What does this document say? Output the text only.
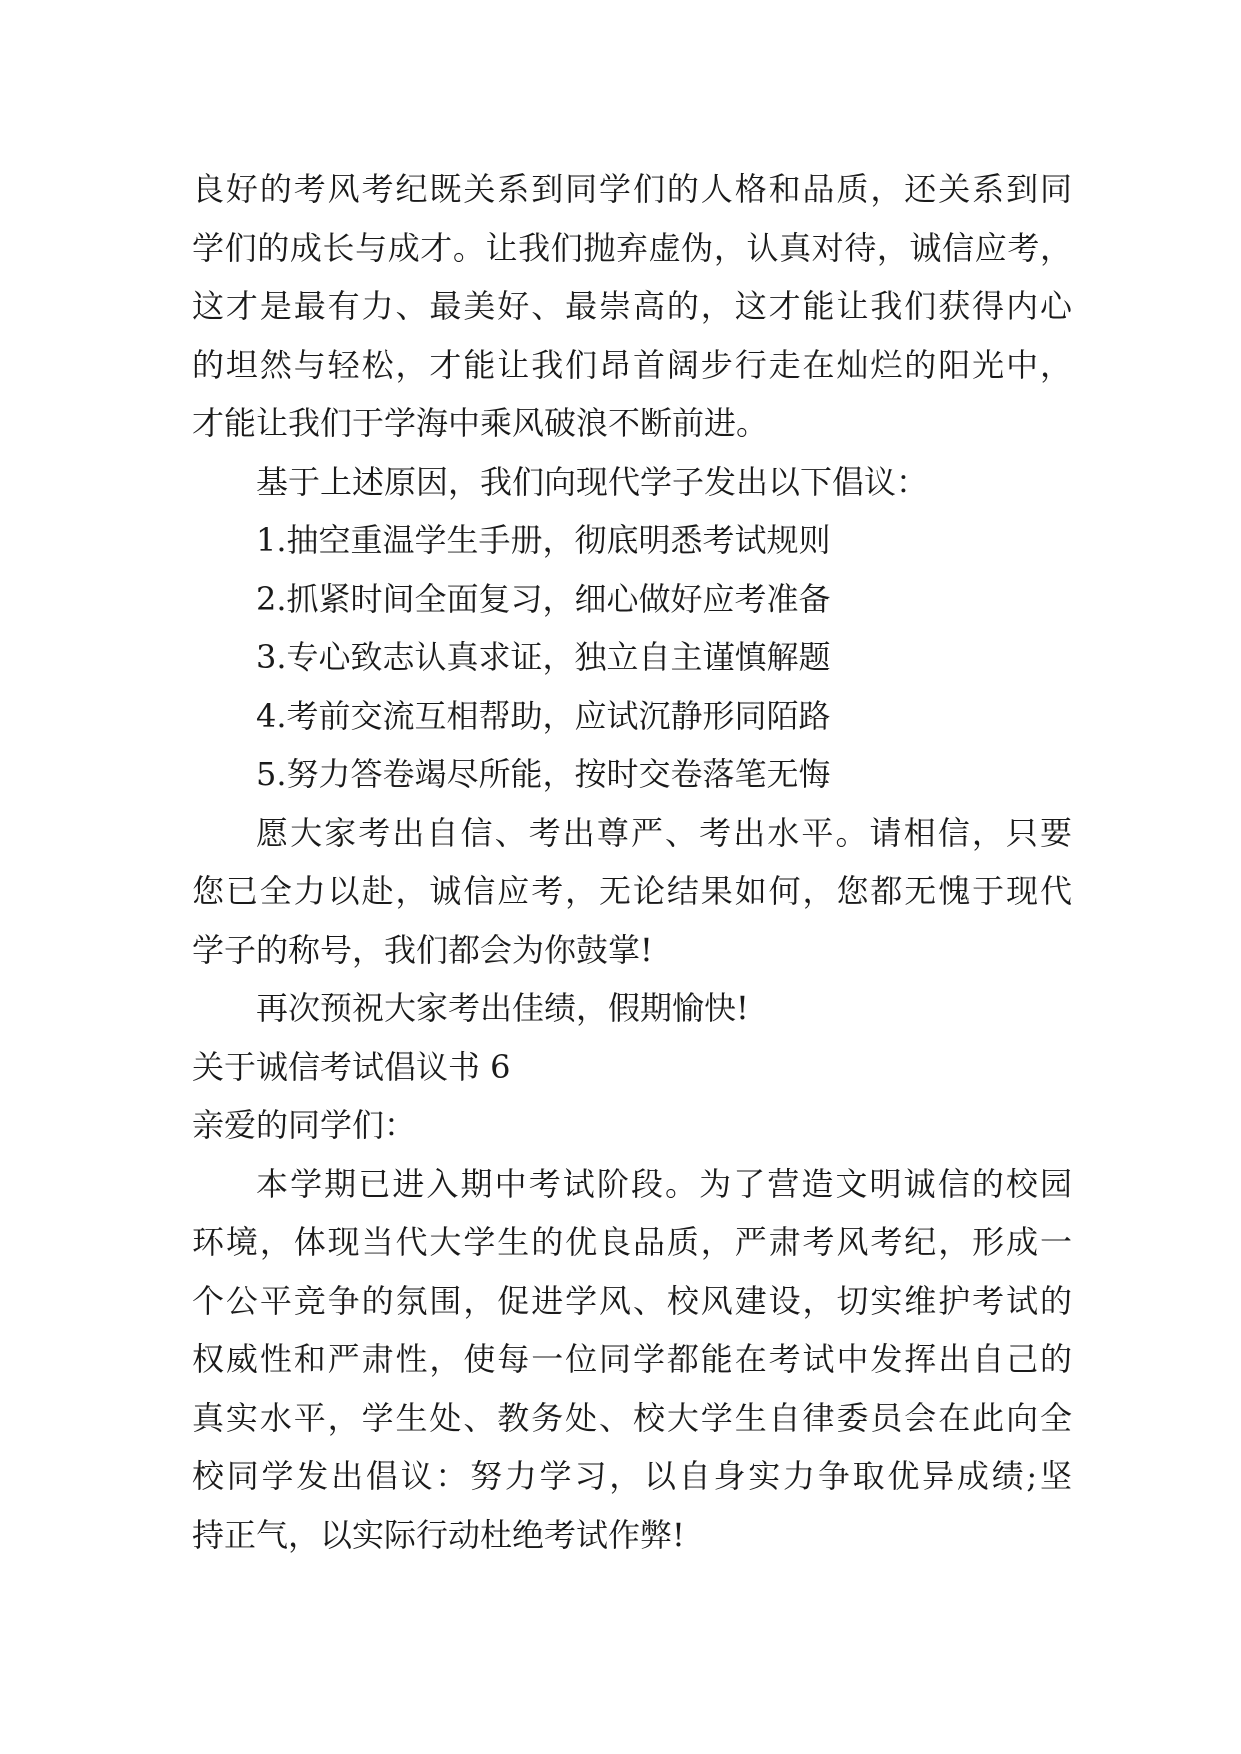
良好的考风考纪既关系到同学们的人格和品质，还关系到同
学们的成长与成才。让我们抛弃虚伪，认真对待，诚信应考，
这才是最有力、最美好、最崇高的，这才能让我们获得内心
的坦然与轻松，才能让我们昂首阔步行走在灿烂的阳光中，
才能让我们于学海中乘风破浪不断前进。
基于上述原因，我们向现代学子发出以下倡议：
1.抽空重温学生手册，彻底明悉考试规则
2.抓紧时间全面复习，细心做好应考准备
3.专心致志认真求证，独立自主谨慎解题
4.考前交流互相帮助，应试沉静形同陌路
5.努力答卷竭尽所能，按时交卷落笔无悔
愿大家考出自信、考出尊严、考出水平。请相信，只要
您已全力以赴，诚信应考，无论结果如何，您都无愧于现代
学子的称号，我们都会为你鼓掌!
再次预祝大家考出佳绩，假期愉快!
关于诚信考试倡议书 6
亲爱的同学们：
本学期已进入期中考试阶段。为了营造文明诚信的校园
环境，体现当代大学生的优良品质，严肃考风考纪，形成一
个公平竞争的氛围，促进学风、校风建设，切实维护考试的
权威性和严肃性，使每一位同学都能在考试中发挥出自己的
真实水平，学生处、教务处、校大学生自律委员会在此向全
校同学发出倡议：努力学习，以自身实力争取优异成绩;坚
持正气，以实际行动杜绝考试作弊!
